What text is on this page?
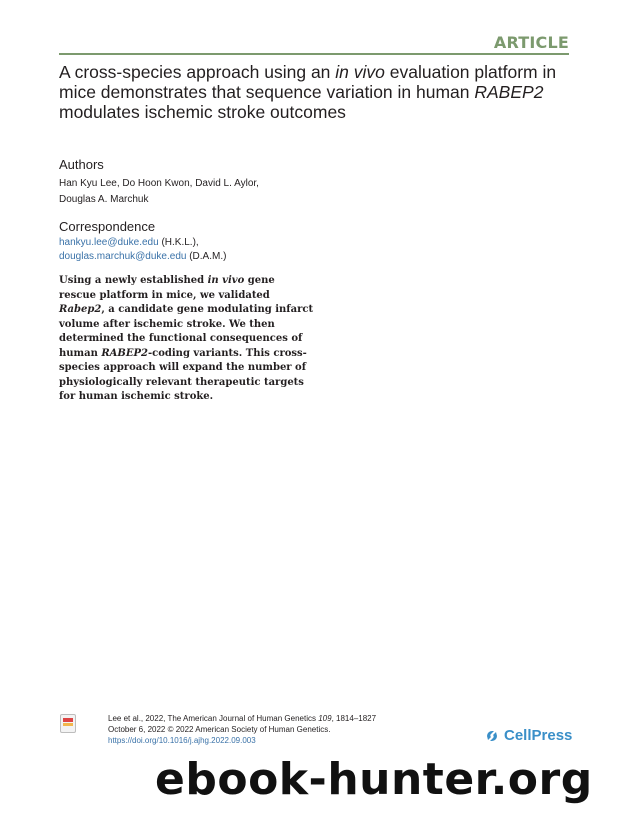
ARTICLE
A cross-species approach using an in vivo evaluation platform in mice demonstrates that sequence variation in human RABEP2 modulates ischemic stroke outcomes
Authors
Han Kyu Lee, Do Hoon Kwon, David L. Aylor,
Douglas A. Marchuk
Correspondence
hankyu.lee@duke.edu (H.K.L.),
douglas.marchuk@duke.edu (D.A.M.)
Using a newly established in vivo gene rescue platform in mice, we validated Rabep2, a candidate gene modulating infarct volume after ischemic stroke. We then determined the functional consequences of human RABEP2-coding variants. This cross-species approach will expand the number of physiologically relevant therapeutic targets for human ischemic stroke.
Lee et al., 2022, The American Journal of Human Genetics 109, 1814–1827
October 6, 2022 © 2022 American Society of Human Genetics.
https://doi.org/10.1016/j.ajhg.2022.09.003	CellPress
ebook-hunter.org
